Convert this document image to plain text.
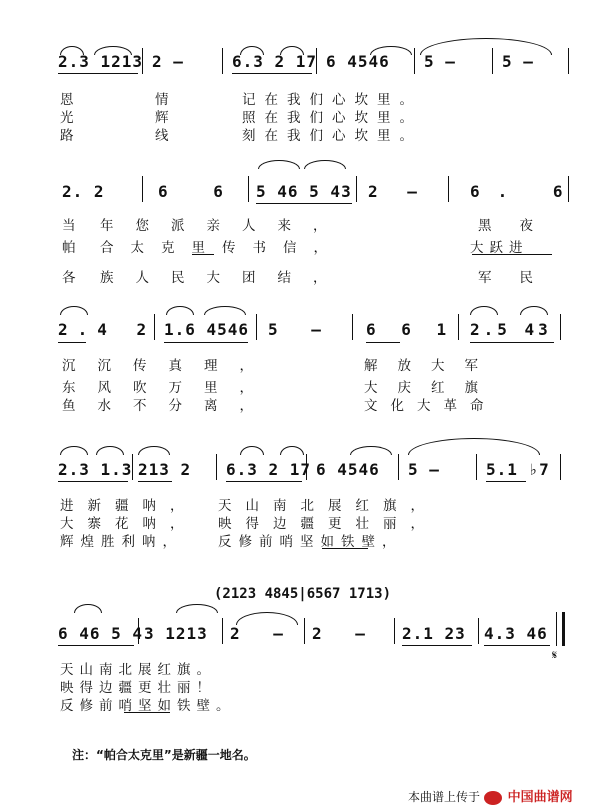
2.3 1213 2 –	6.3 2 17 6 4546 5 –	5 –
恩	情	记在我们心坎里。
光	辉	照在我们心坎里。
路	线	刻在我们心坎里。
2. 2	6 6 5 46 5 43 2 –	6. 6
当 年您派亲人来，	黑夜
帕 合太克里传书信，	大跃进
各 族人民大团结，	军民
2.4 2 1.6 4546 5 – 6 6 1 2.5 43
沉沉传真理，	解放大军
东风吹万里，	大庆红旗
鱼水不分离，	文化大革命
2.3 1.3 213 2 6.3 2 17 6 4546 5 –	5.1 ♭7
进新疆呐， 天山南北展红旗，
大寨花呐， 映得边疆更壮丽，
辉煌胜利呐，	反修前哨坚如铁壁，
(2123 4845|6567 1713)
6 46 5 4 3 1213 2 – 2 – 2.1 23 4.3 46
𝄋
天山南北展红旗。
映得边疆更壮丽！
反修前哨坚如铁壁。
注：“帕合太克里”是新疆一地名。
本曲谱上传于 中国曲谱网
